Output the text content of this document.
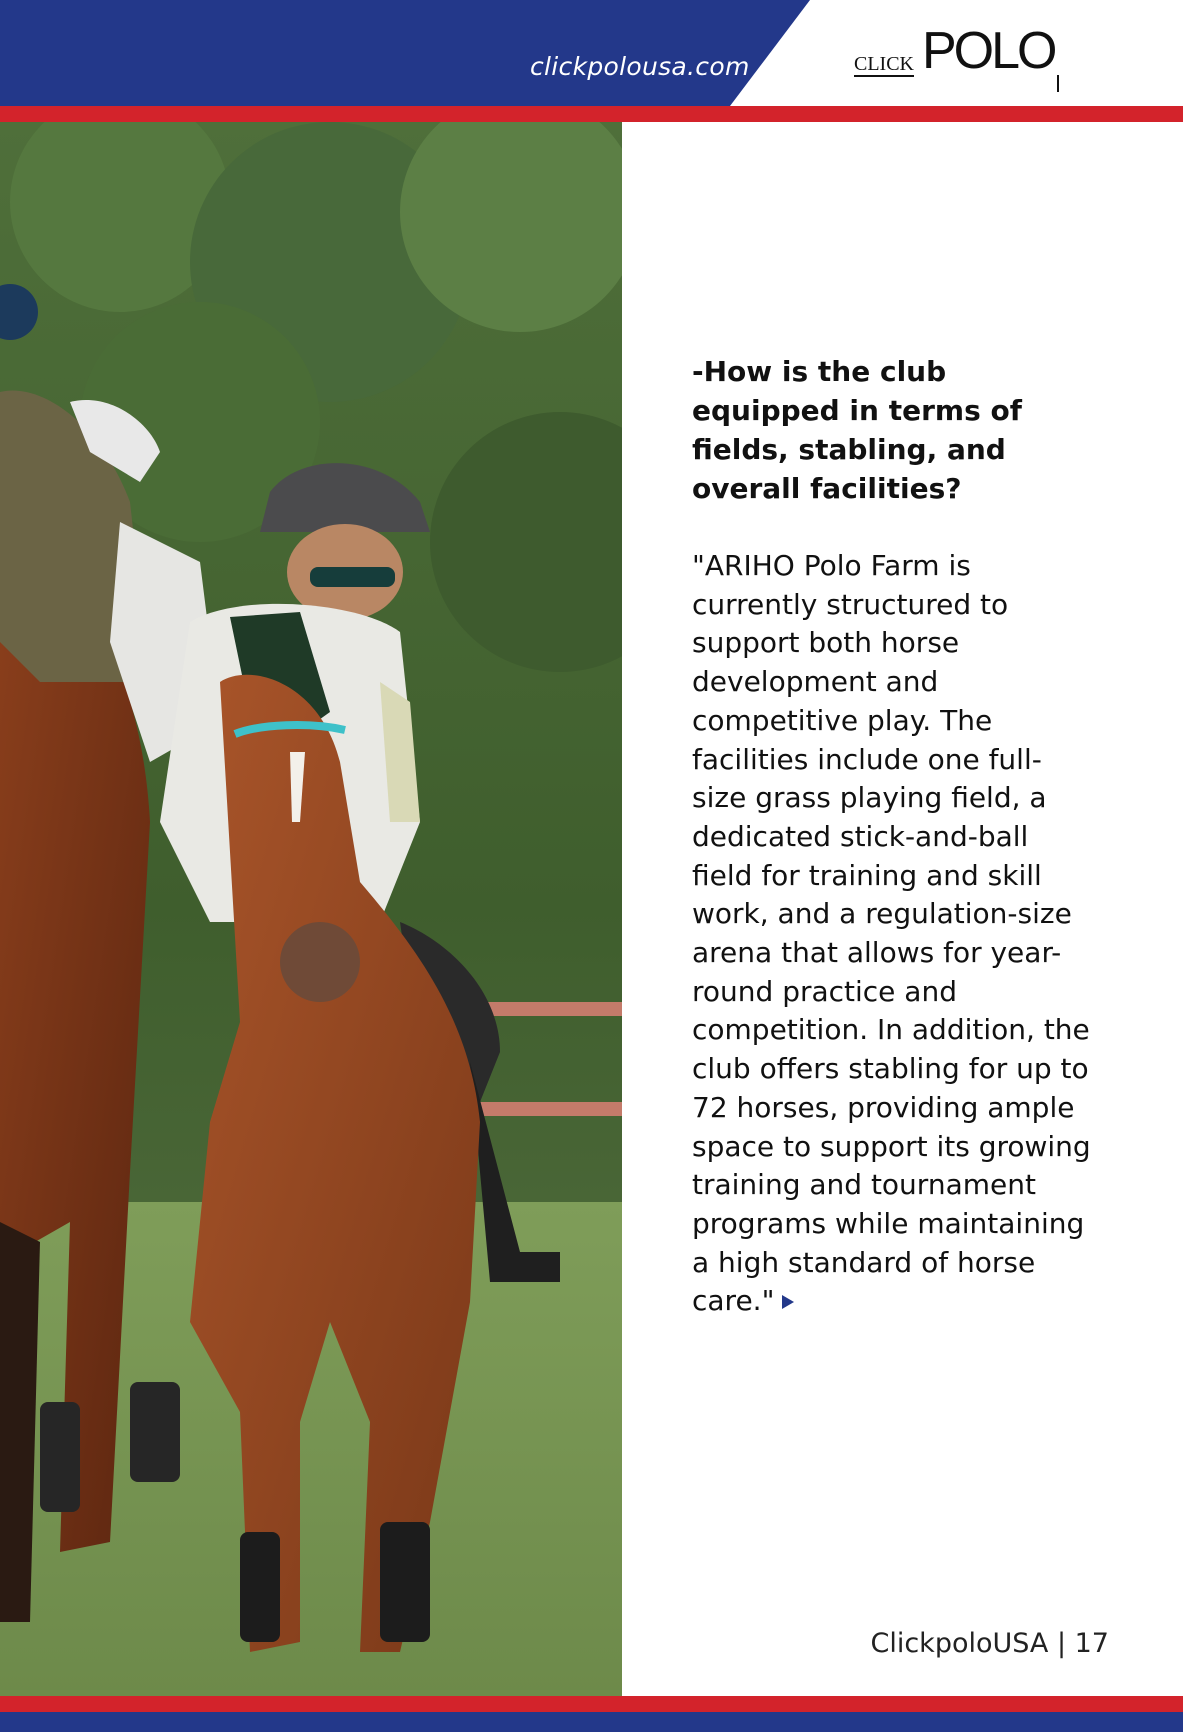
clickpolousa.com	CLICK POLO
-How is the club equipped in terms of fields, stabling, and overall facilities?

"ARIHO Polo Farm is currently structured to support both horse development and competitive play. The facilities include one full-size grass playing field, a dedicated stick-and-ball field for training and skill work, and a regulation-size arena that allows for year-round practice and competition. In addition, the club offers stabling for up to 72 horses, providing ample space to support its growing training and tournament programs while maintaining a high standard of horse care."

ClickpoloUSA | 17
